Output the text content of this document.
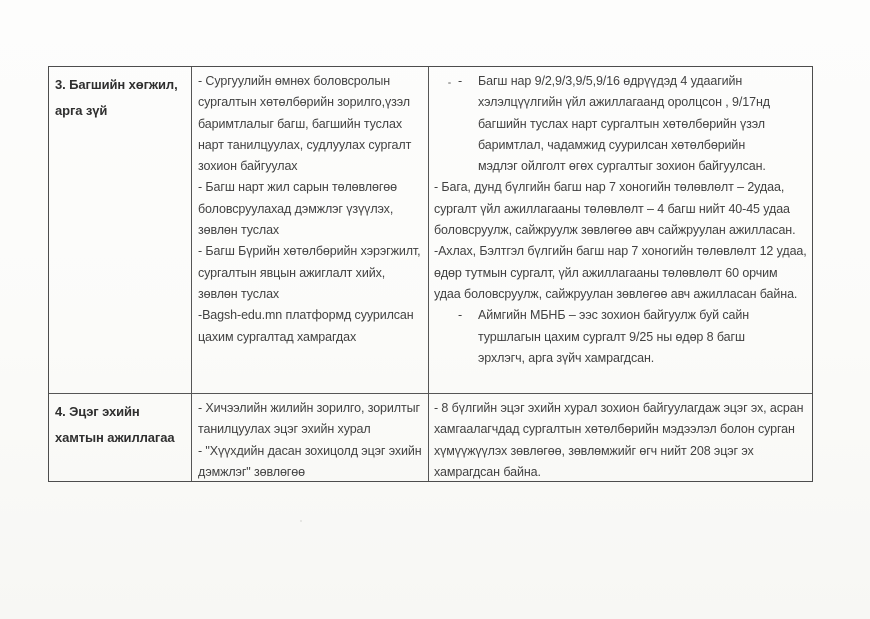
3. Багшийн хөгжил, арга зүй

- Сургуулийн өмнөх боловсролын сургалтын хөтөлбөрийн зорилго,үзэл баримтлалыг багш, багшийн туслах нарт танилцуулах, судлуулах сургалт зохион байгуулах

- Багш нарт жил сарын төлөвлөгөө боловсруулахад дэмжлэг үзүүлэх, зөвлөн туслах

- Багш Бүрийн хөтөлбөрийн хэрэгжилт, сургалтын явцын ажиглалт хийх, зөвлөн туслах

-Bagsh-edu.mn платформд суурилсан цахим сургалтад хамрагдах

- Багш нар 9/2,9/3,9/5,9/16 өдрүүдэд 4 удаагийн хэлэлцүүлгийн үйл ажиллагаанд оролцсон , 9/17нд багшийн туслах нарт сургалтын хөтөлбөрийн үзэл баримтлал, чадамжид суурилсан хөтөлбөрийн мэдлэг ойлголт өгөх сургалтыг зохион байгуулсан.

- Бага, дунд бүлгийн багш нар 7 хоногийн төлөвлөлт – 2удаа, сургалт үйл ажиллагааны төлөвлөлт – 4 багш нийт 40-45 удаа боловсруулж, сайжруулж зөвлөгөө авч сайжруулан ажилласан.

-Ахлах, Бэлтгэл бүлгийн багш нар 7 хоногийн төлөвлөлт 12 удаа, өдөр тутмын сургалт, үйл ажиллагааны төлөвлөлт 60 орчим удаа боловсруулж, сайжруулан зөвлөгөө авч ажилласан байна.

- Аймгийн МБНБ – ээс зохион байгуулж буй сайн туршлагын цахим сургалт 9/25 ны өдөр 8 багш эрхлэгч, арга зүйч хамрагдсан.
4. Эцэг эхийн хамтын ажиллагаа

- Хичээлийн жилийн зорилго, зорилтыг танилцуулах эцэг эхийн хурал

- "Хүүхдийн дасан зохицолд эцэг эхийн дэмжлэг" зөвлөгөө

- 8 бүлгийн эцэг эхийн хурал зохион байгуулагдаж эцэг эх, асран хамгаалагчдад сургалтын хөтөлбөрийн мэдээлэл болон сурган хүмүүжүүлэх зөвлөгөө, зөвлөмжийг өгч нийт 208 эцэг эх хамрагдсан байна.
